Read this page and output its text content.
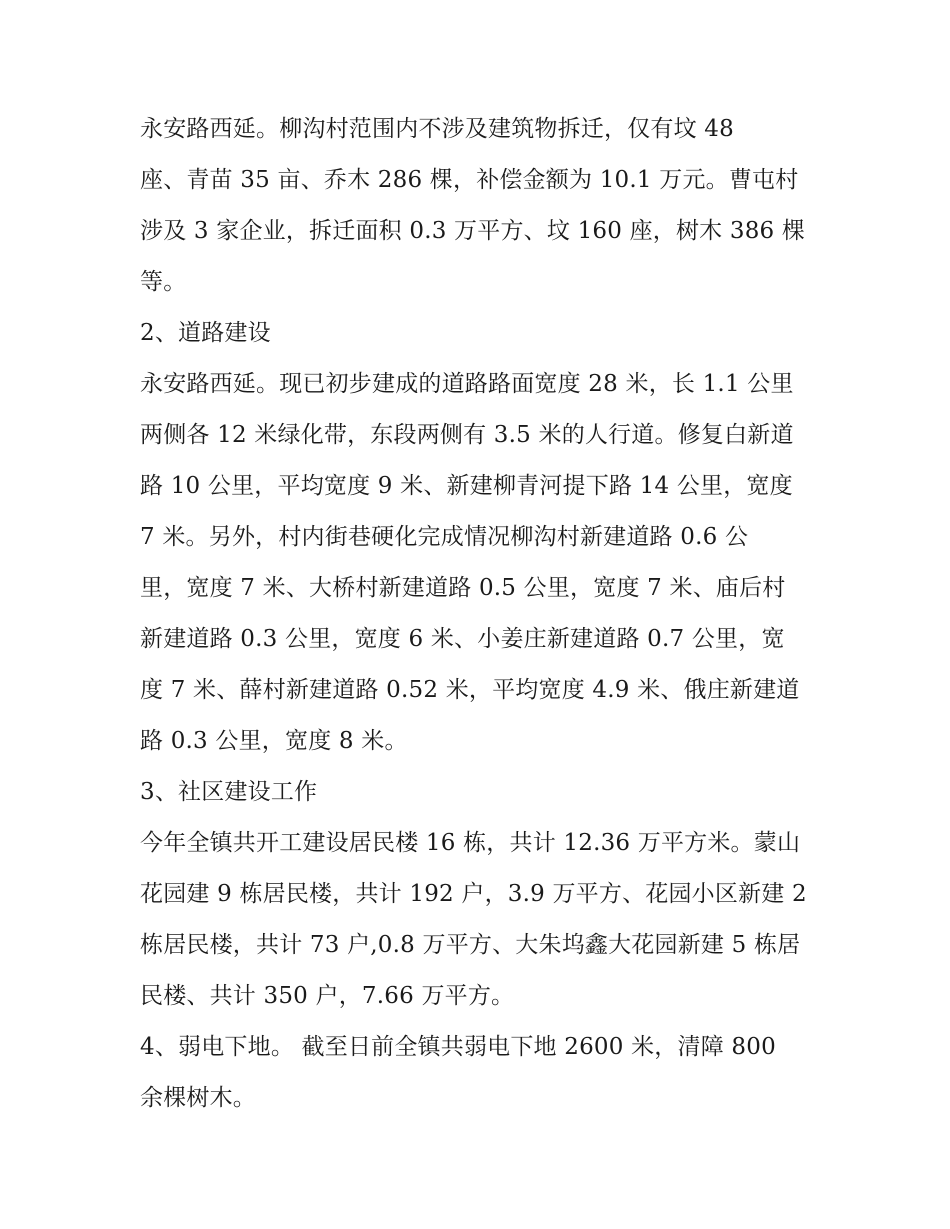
永安路西延。柳沟村范围内不涉及建筑物拆迁，仅有坟 48
座、青苗 35 亩、乔木 286 棵，补偿金额为 10.1 万元。曹屯村
涉及 3 家企业，拆迁面积 0.3 万平方、坟 160 座，树木 386 棵
等。
2、道路建设
永安路西延。现已初步建成的道路路面宽度 28 米，长 1.1 公里
两侧各 12 米绿化带，东段两侧有 3.5 米的人行道。修复白新道
路 10 公里，平均宽度 9 米、新建柳青河提下路 14 公里，宽度
7 米。另外，村内街巷硬化完成情况柳沟村新建道路 0.6 公
里，宽度 7 米、大桥村新建道路 0.5 公里，宽度 7 米、庙后村
新建道路 0.3 公里，宽度 6 米、小姜庄新建道路 0.7 公里，宽
度 7 米、薛村新建道路 0.52 米，平均宽度 4.9 米、俄庄新建道
路 0.3 公里，宽度 8 米。
3、社区建设工作
今年全镇共开工建设居民楼 16 栋，共计 12.36 万平方米。蒙山
花园建 9 栋居民楼，共计 192 户，3.9 万平方、花园小区新建 2
栋居民楼，共计 73 户,0.8 万平方、大朱坞鑫大花园新建 5 栋居
民楼、共计 350 户，7.66 万平方。
4、弱电下地。 截至日前全镇共弱电下地 2600 米，清障 800
余棵树木。
